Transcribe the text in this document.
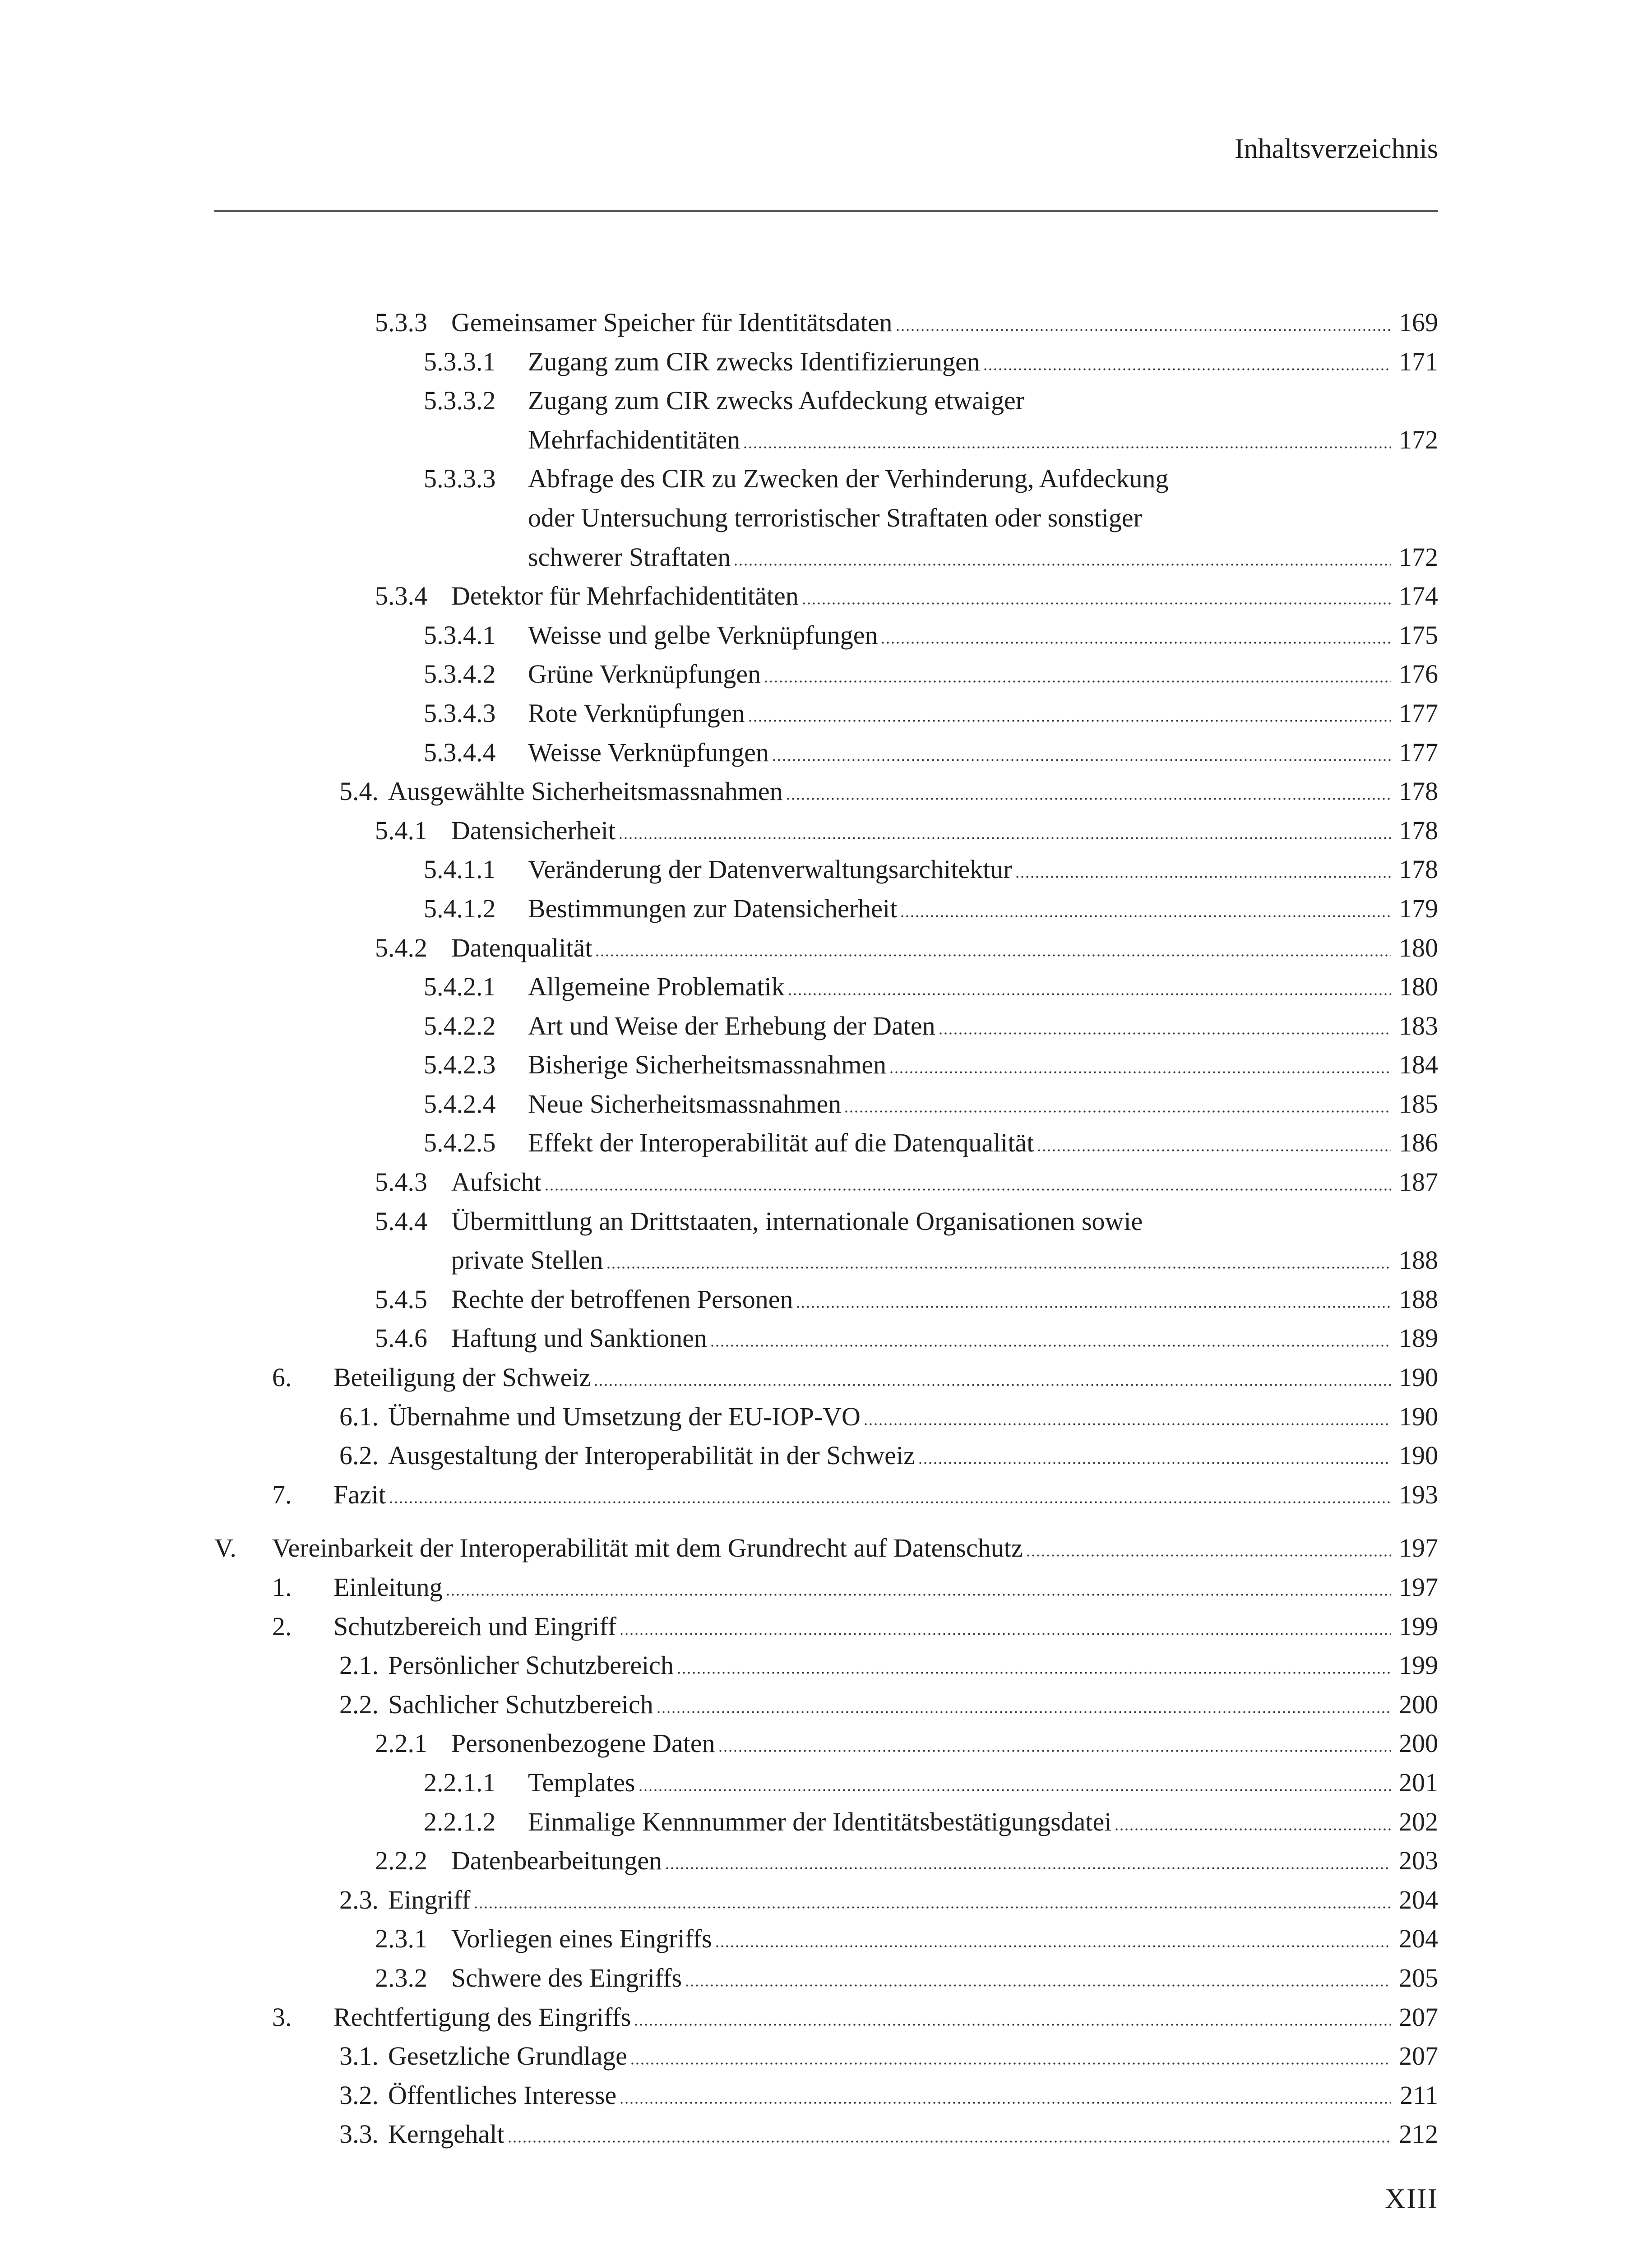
Inhaltsverzeichnis
5.3.3 Gemeinsamer Speicher für Identitätsdaten	169
5.3.3.1 Zugang zum CIR zwecks Identifizierungen	171
5.3.3.2 Zugang zum CIR zwecks Aufdeckung etwaiger
Mehrfachidentitäten	172
5.3.3.3 Abfrage des CIR zu Zwecken der Verhinderung, Aufdeckung
oder Untersuchung terroristischer Straftaten oder sonstiger
schwerer Straftaten	172
5.3.4 Detektor für Mehrfachidentitäten	174
5.3.4.1 Weisse und gelbe Verknüpfungen	175
5.3.4.2 Grüne Verknüpfungen	176
5.3.4.3 Rote Verknüpfungen	177
5.3.4.4 Weisse Verknüpfungen	177
5.4. Ausgewählte Sicherheitsmassnahmen	178
5.4.1 Datensicherheit	178
5.4.1.1 Veränderung der Datenverwaltungsarchitektur	178
5.4.1.2 Bestimmungen zur Datensicherheit	179
5.4.2 Datenqualität	180
5.4.2.1 Allgemeine Problematik	180
5.4.2.2 Art und Weise der Erhebung der Daten	183
5.4.2.3 Bisherige Sicherheitsmassnahmen	184
5.4.2.4 Neue Sicherheitsmassnahmen	185
5.4.2.5 Effekt der Interoperabilität auf die Datenqualität	186
5.4.3 Aufsicht	187
5.4.4 Übermittlung an Drittstaaten, internationale Organisationen sowie
private Stellen	188
5.4.5 Rechte der betroffenen Personen	188
5.4.6 Haftung und Sanktionen	189
6. Beteiligung der Schweiz	190
6.1. Übernahme und Umsetzung der EU-IOP-VO	190
6.2. Ausgestaltung der Interoperabilität in der Schweiz	190
7. Fazit	193
V. Vereinbarkeit der Interoperabilität mit dem Grundrecht auf Datenschutz	197
1. Einleitung	197
2. Schutzbereich und Eingriff	199
2.1. Persönlicher Schutzbereich	199
2.2. Sachlicher Schutzbereich	200
2.2.1 Personenbezogene Daten	200
2.2.1.1 Templates	201
2.2.1.2 Einmalige Kennnummer der Identitätsbestätigungsdatei	202
2.2.2 Datenbearbeitungen	203
2.3. Eingriff	204
2.3.1 Vorliegen eines Eingriffs	204
2.3.2 Schwere des Eingriffs	205
3. Rechtfertigung des Eingriffs	207
3.1. Gesetzliche Grundlage	207
3.2. Öffentliches Interesse	211
3.3. Kerngehalt	212
XIII
